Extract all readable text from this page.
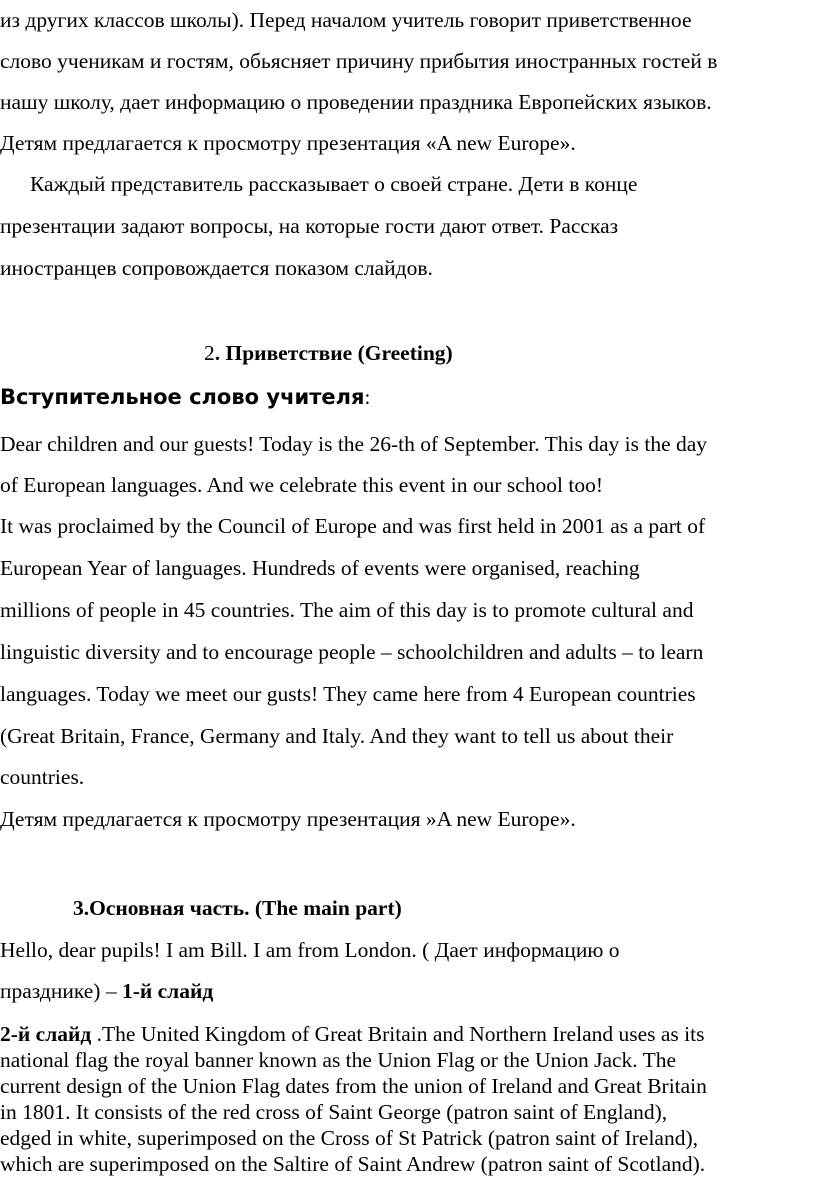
из других классов школы). Перед началом учитель говорит приветственное
слово ученикам и гостям, обьясняет причину прибытия иностранных гостей в
нашу школу, дает информацию о проведении праздника Европейских языков.
Детям предлагается к просмотру презентация «A new Europe».
Каждый представитель рассказывает о своей стране. Дети в конце
презентации задают вопросы, на которые гости дают ответ. Рассказ
иностранцев сопровождается показом слайдов.
2. Приветствие (Greeting)
Вступительное слово учителя:
Dear children and our guests! Today is the 26-th of September. This day is the day
of European languages. And we celebrate this event in our school too!
It was proclaimed by the Council of Europe and was first held in 2001 as a part of
European Year of languages. Hundreds of events were organised, reaching
millions of people in 45 countries. The aim of this day is to promote cultural and
linguistic diversity and to encourage people – schoolchildren and adults – to learn
languages. Today we meet our gusts! They came here from 4 European countries
(Great Britain, France, Germany and Italy. And they want to tell us about their
countries.
Детям предлагается к просмотру презентация »A new Europe».
3.Основная часть. (The main part)
Hello, dear pupils! I am Bill. I am from London. ( Дает информацию о
празднике) – 1-й слайд
2-й слайд .The United Kingdom of Great Britain and Northern Ireland uses as its
national flag the royal banner known as the Union Flag or the Union Jack. The
current design of the Union Flag dates from the union of Ireland and Great Britain
in 1801. It consists of the red cross of Saint George (patron saint of England),
edged in white, superimposed on the Cross of St Patrick (patron saint of Ireland),
which are superimposed on the Saltire of Saint Andrew (patron saint of Scotland).
